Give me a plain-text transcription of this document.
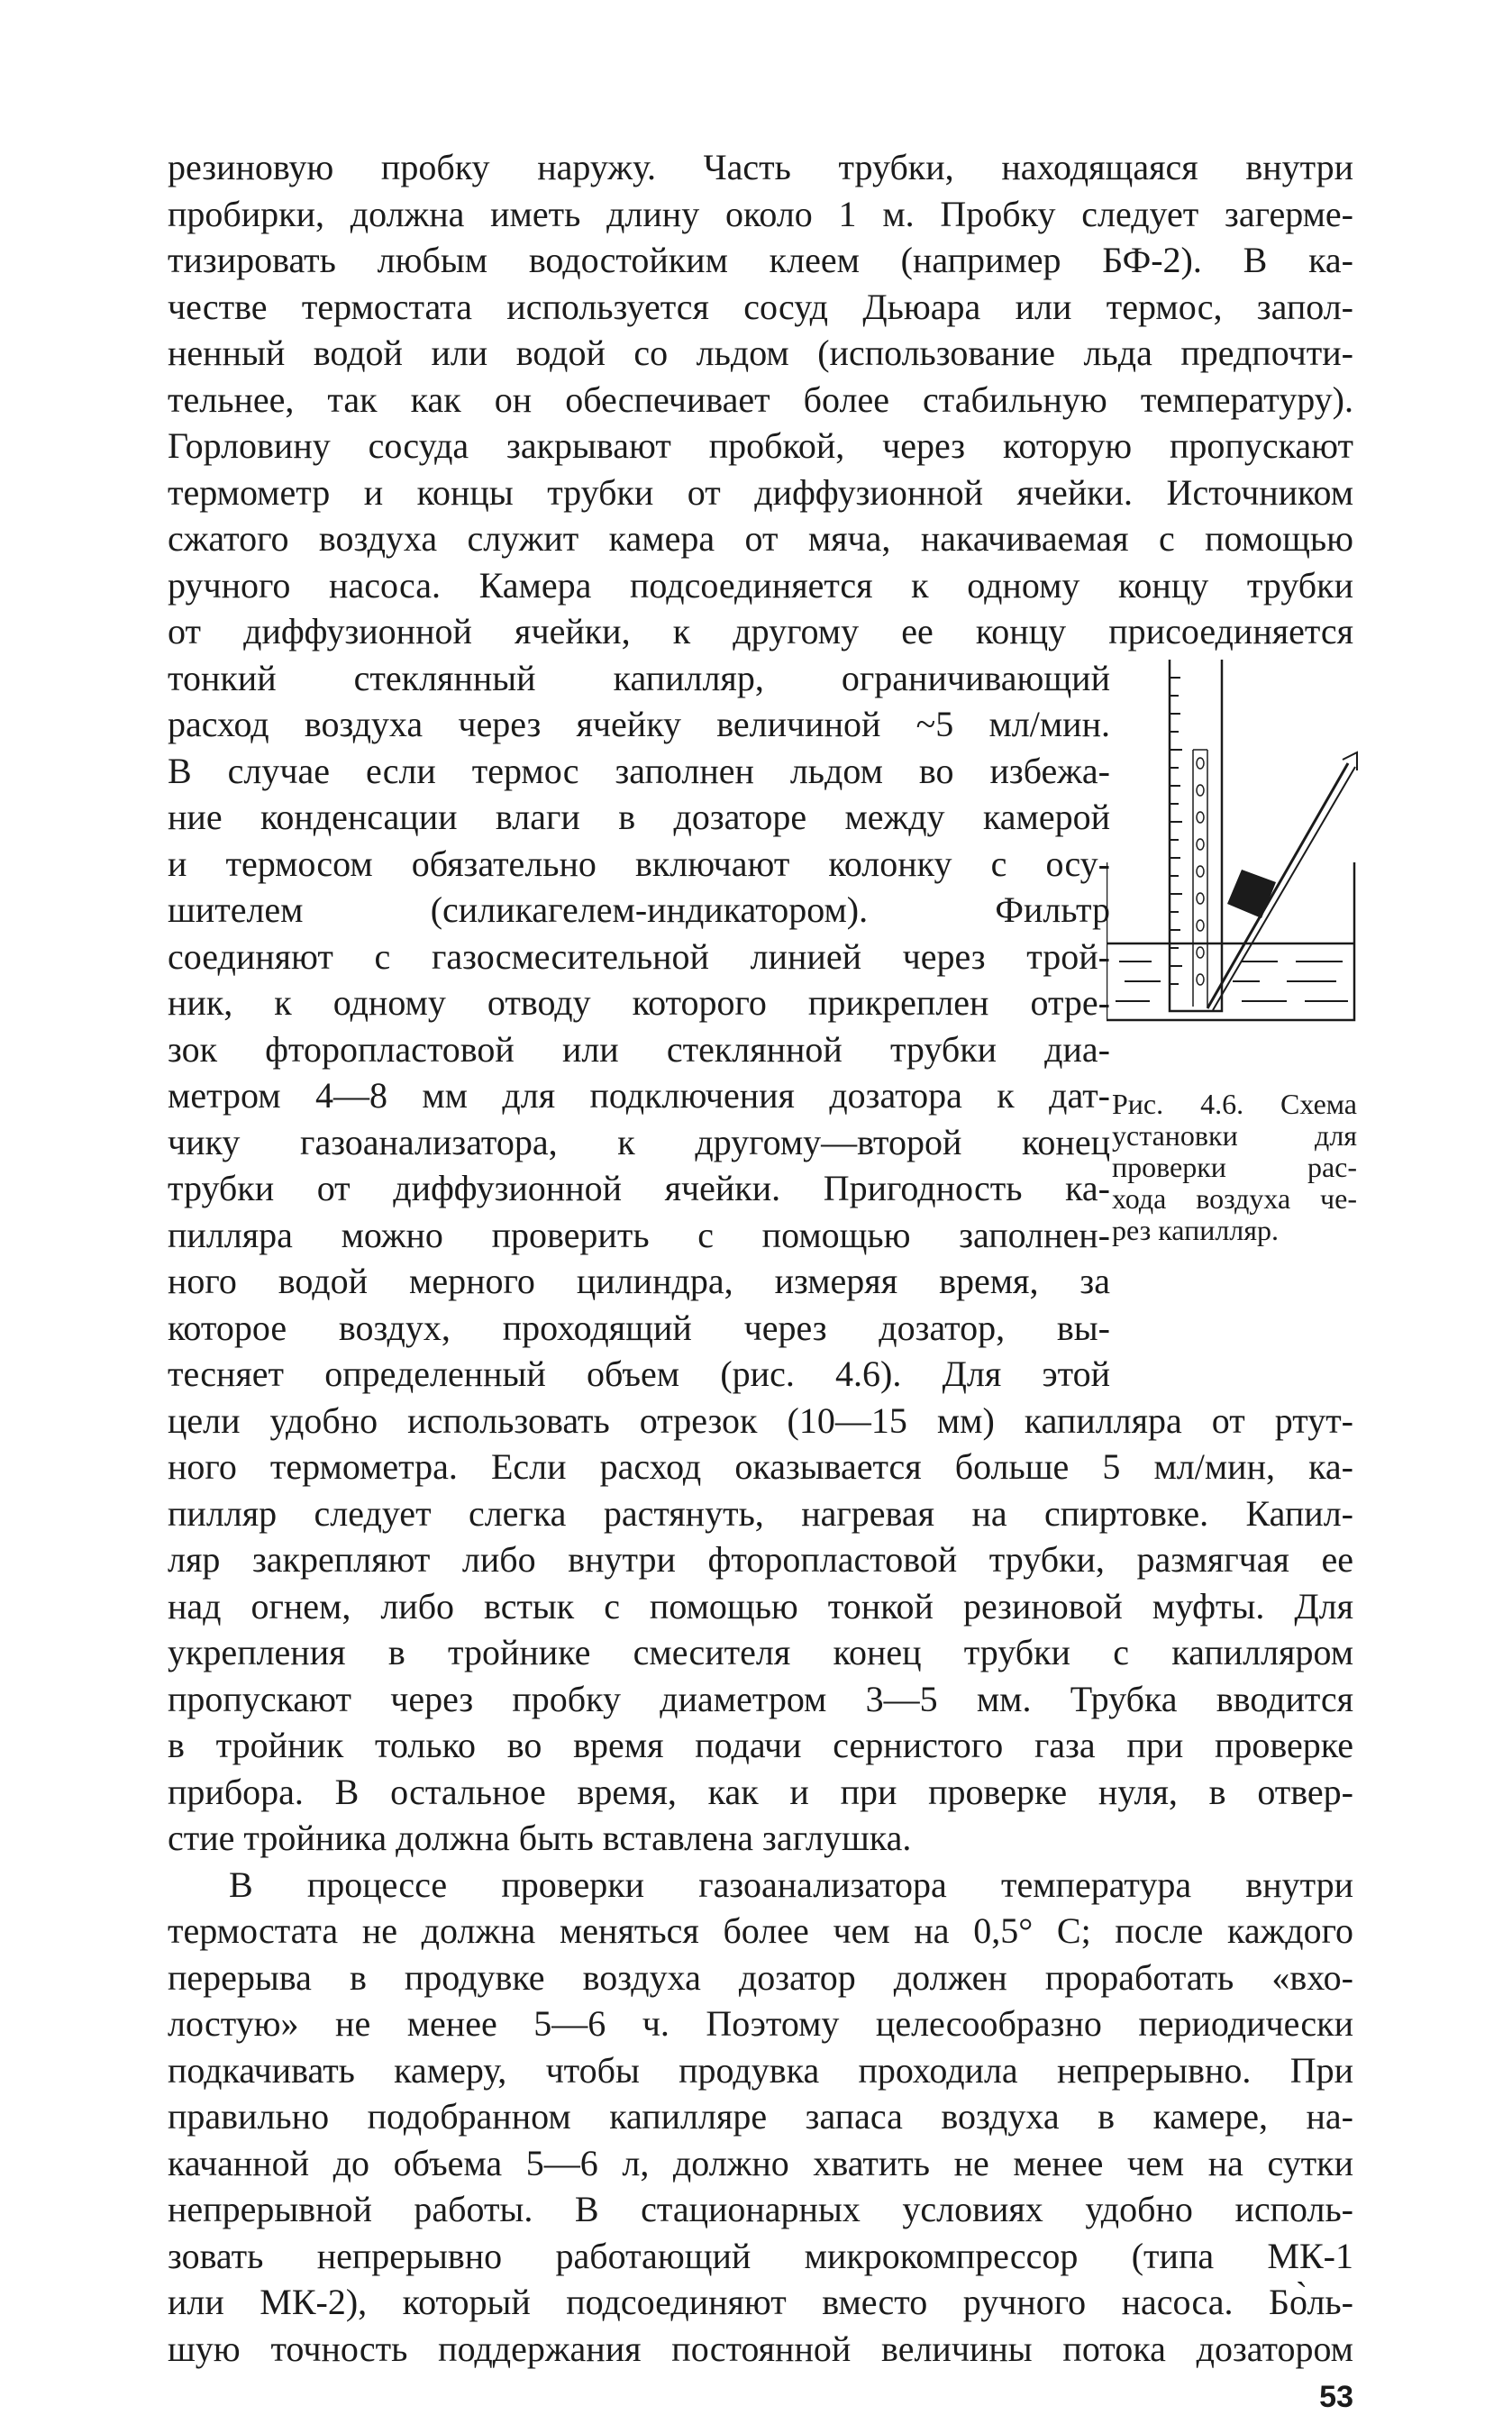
резиновую пробку наружу. Часть трубки, находящаяся внутри
пробирки, должна иметь длину около 1 м. Пробку следует загерме-
тизировать любым водостойким клеем (например БФ-2). В ка-
честве термостата используется сосуд Дьюара или термос, запол-
ненный водой или водой со льдом (использование льда предпочти-
тельнее, так как он обеспечивает более стабильную температуру).
Горловину сосуда закрывают пробкой, через которую пропускают
термометр и концы трубки от диффузионной ячейки. Источником
сжатого воздуха служит камера от мяча, накачиваемая с помощью
ручного насоса. Камера подсоединяется к одному концу трубки
от диффузионной ячейки, к другому ее концу присоединяется
тонкий стеклянный капилляр, ограничивающий
расход воздуха через ячейку величиной ~5 мл/мин.
В случае если термос заполнен льдом во избежа-
ние конденсации влаги в дозаторе между камерой
и термосом обязательно включают колонку с осу-
шителем (силикагелем-индикатором). Фильтр
соединяют с газосмесительной линией через трой-
ник, к одному отводу которого прикреплен отре-
зок фторопластовой или стеклянной трубки диа-
метром 4—8 мм для подключения дозатора к дат-
чику газоанализатора, к другому—второй конец
трубки от диффузионной ячейки. Пригодность ка-
пилляра можно проверить с помощью заполнен-
ного водой мерного цилиндра, измеряя время, за
которое воздух, проходящий через дозатор, вы-
тесняет определенный объем (рис. 4.6). Для этой
Рис. 4.6. Схема
установки для
проверки рас-
хода воздуха че-
рез капилляр.
цели удобно использовать отрезок (10—15 мм) капилляра от ртут-
ного термометра. Если расход оказывается больше 5 мл/мин, ка-
пилляр следует слегка растянуть, нагревая на спиртовке. Капил-
ляр закрепляют либо внутри фторопластовой трубки, размягчая ее
над огнем, либо встык с помощью тонкой резиновой муфты. Для
укрепления в тройнике смесителя конец трубки с капилляром
пропускают через пробку диаметром 3—5 мм. Трубка вводится
в тройник только во время подачи сернистого газа при проверке
прибора. В остальное время, как и при проверке нуля, в отвер-
стие тройника должна быть вставлена заглушка.
В процессе проверки газоанализатора температура внутри
термостата не должна меняться более чем на 0,5° С; после каждого
перерыва в продувке воздуха дозатор должен проработать «вхо-
лостую» не менее 5—6 ч. Поэтому целесообразно периодически
подкачивать камеру, чтобы продувка проходила непрерывно. При
правильно подобранном капилляре запаса воздуха в камере, на-
качанной до объема 5—6 л, должно хватить не менее чем на сутки
непрерывной работы. В стационарных условиях удобно исполь-
зовать непрерывно работающий микрокомпрессор (типа МК-1
или МК-2), который подсоединяют вместо ручного насоса. Бо̀ль-
шую точность поддержания постоянной величины потока дозатором
53
